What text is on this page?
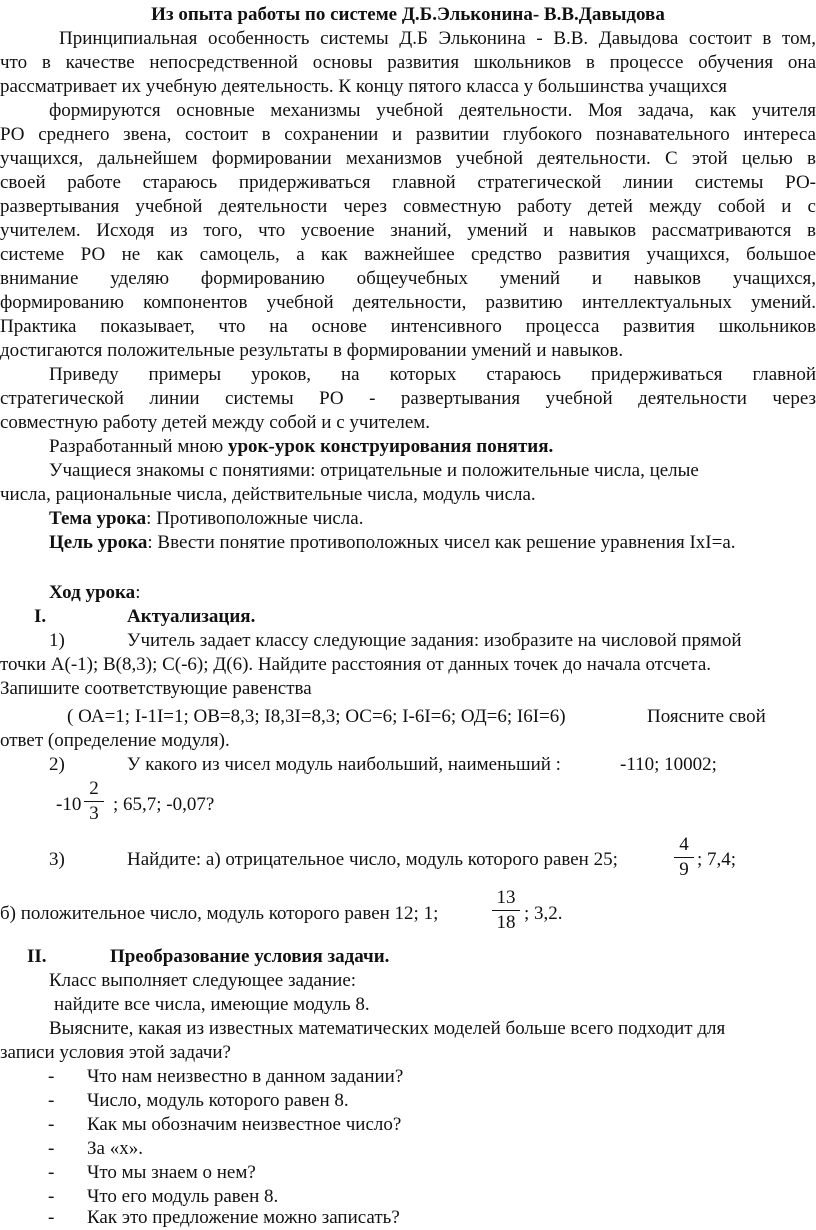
Из опыта работы по системе Д.Б.Эльконина- В.В.Давыдова

Принципиальная особенность системы Д.Б Эльконина - В.В. Давыдова состоит в том,

что в качестве непосредственной основы развития школьников в процессе обучения она

рассматривает их учебную деятельность. К концу пятого класса у большинства учащихся

формируются основные механизмы учебной деятельности. Моя задача, как учителя

РО среднего звена, состоит в сохранении и развитии глубокого познавательного интереса

учащихся, дальнейшем формировании механизмов учебной деятельности. С этой целью в

своей работе стараюсь придерживаться главной стратегической линии системы РО-

развертывания учебной деятельности через совместную работу детей между собой и с

учителем. Исходя из того, что усвоение знаний, умений и навыков рассматриваются в

системе РО не как самоцель, а как важнейшее средство развития учащихся, большое

внимание уделяю формированию общеучебных умений и навыков учащихся,

формированию компонентов учебной деятельности, развитию интеллектуальных умений.

Практика показывает, что на основе интенсивного процесса развития школьников

достигаются положительные результаты в формировании умений и навыков.

Приведу примеры уроков, на которых стараюсь придерживаться главной

стратегической линии системы РО - развертывания учебной деятельности через

совместную работу детей между собой и с учителем.

Разработанный мною урок-урок конструирования понятия.

Учащиеся знакомы с понятиями: отрицательные и положительные числа, целые

числа, рациональные числа, действительные числа, модуль числа.

Тема урока: Противоположные числа.

Цель урока: Ввести понятие противоположных чисел как решение уравнения IxI=a.

Ход урока:

I.	Актуализация.

1)	Учитель задает классу следующие задания: изобразите на числовой прямой

точки А(-1); В(8,3); С(-6); Д(6). Найдите расстояния от данных точек до начала отсчета.

Запишите соответствующие равенства

( ОА=1; I-1I=1; ОВ=8,3; I8,3I=8,3; ОС=6; I-6I=6; ОД=6; I6I=6)	Поясните свой

ответ (определение модуля).

2)	У какого из чисел модуль наибольший, наименьший :	-110; 10002;

-10 ; 65,7; -0,07?

2
3

3)	Найдите: а) отрицательное число, модуль которого равен 25;	; 7,4;

4
9

б) положительное число, модуль которого равен 12; 1;	; 3,2.

13
18

II.	Преобразование условия задачи.

Класс выполняет следующее задание:

найдите все числа, имеющие модуль 8.

Выясните, какая из известных математических моделей больше всего подходит для

записи условия этой задачи?

- Что нам неизвестно в данном задании?

- Число, модуль которого равен 8.

- Как мы обозначим неизвестное число?

- За «х».

- Что мы знаем о нем?

- Что его модуль равен 8.

- Как это предложение можно записать?
